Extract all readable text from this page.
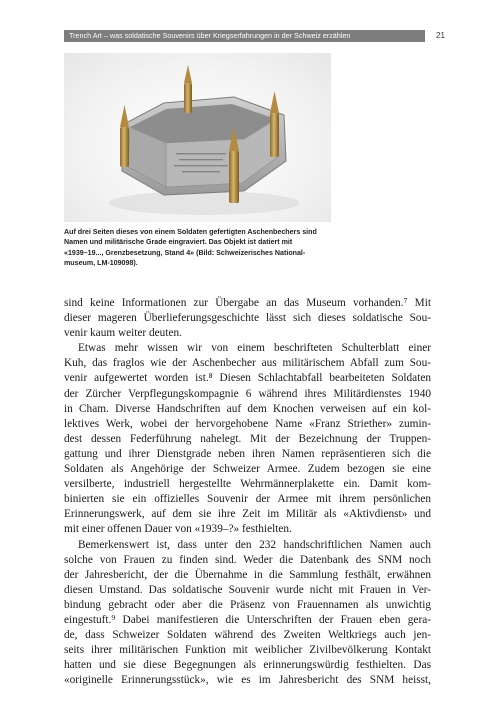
Trench Art – was soldatische Souvenirs über Kriegserfahrungen in der Schweiz erzählen	21
Auf drei Seiten dieses von einem Soldaten gefertigten Aschenbechers sind
Namen und militärische Grade eingraviert. Das Objekt ist datiert mit
«1939–19..., Grenzbesetzung, Stand 4» (Bild: Schweizerisches National-
museum, LM-109098).
sind keine Informationen zur Übergabe an das Museum vorhanden.⁷ Mit
dieser mageren Überlieferungsgeschichte lässt sich dieses soldatische Sou-
venir kaum weiter deuten.
Etwas mehr wissen wir von einem beschrifteten Schulterblatt einer
Kuh, das fraglos wie der Aschenbecher aus militärischem Abfall zum Sou-
venir aufgewertet worden ist.⁸ Diesen Schlachtabfall bearbeiteten Soldaten
der Zürcher Verpflegungskompagnie 6 während ihres Militärdienstes 1940
in Cham. Diverse Handschriften auf dem Knochen verweisen auf ein kol-
lektives Werk, wobei der hervorgehobene Name «Franz Striether» zumin-
dest dessen Federführung nahelegt. Mit der Bezeichnung der Truppen-
gattung und ihrer Dienstgrade neben ihren Namen repräsentieren sich die
Soldaten als Angehörige der Schweizer Armee. Zudem bezogen sie eine
versilberte, industriell hergestellte Wehrmännerplakette ein. Damit kom-
binierten sie ein offizielles Souvenir der Armee mit ihrem persönlichen
Erinnerungswerk, auf dem sie ihre Zeit im Militär als «Aktivdienst» und
mit einer offenen Dauer von «1939–?» festhielten.
Bemerkenswert ist, dass unter den 232 handschriftlichen Namen auch
solche von Frauen zu finden sind. Weder die Datenbank des SNM noch
der Jahresbericht, der die Übernahme in die Sammlung festhält, erwähnen
diesen Umstand. Das soldatische Souvenir wurde nicht mit Frauen in Ver-
bindung gebracht oder aber die Präsenz von Frauennamen als unwichtig
eingestuft.⁹ Dabei manifestieren die Unterschriften der Frauen eben gera-
de, dass Schweizer Soldaten während des Zweiten Weltkriegs auch jen-
seits ihrer militärischen Funktion mit weiblicher Zivilbevölkerung Kontakt
hatten und sie diese Begegnungen als erinnerungswürdig festhielten. Das
«originelle Erinnerungsstück», wie es im Jahresbericht des SNM heisst,
